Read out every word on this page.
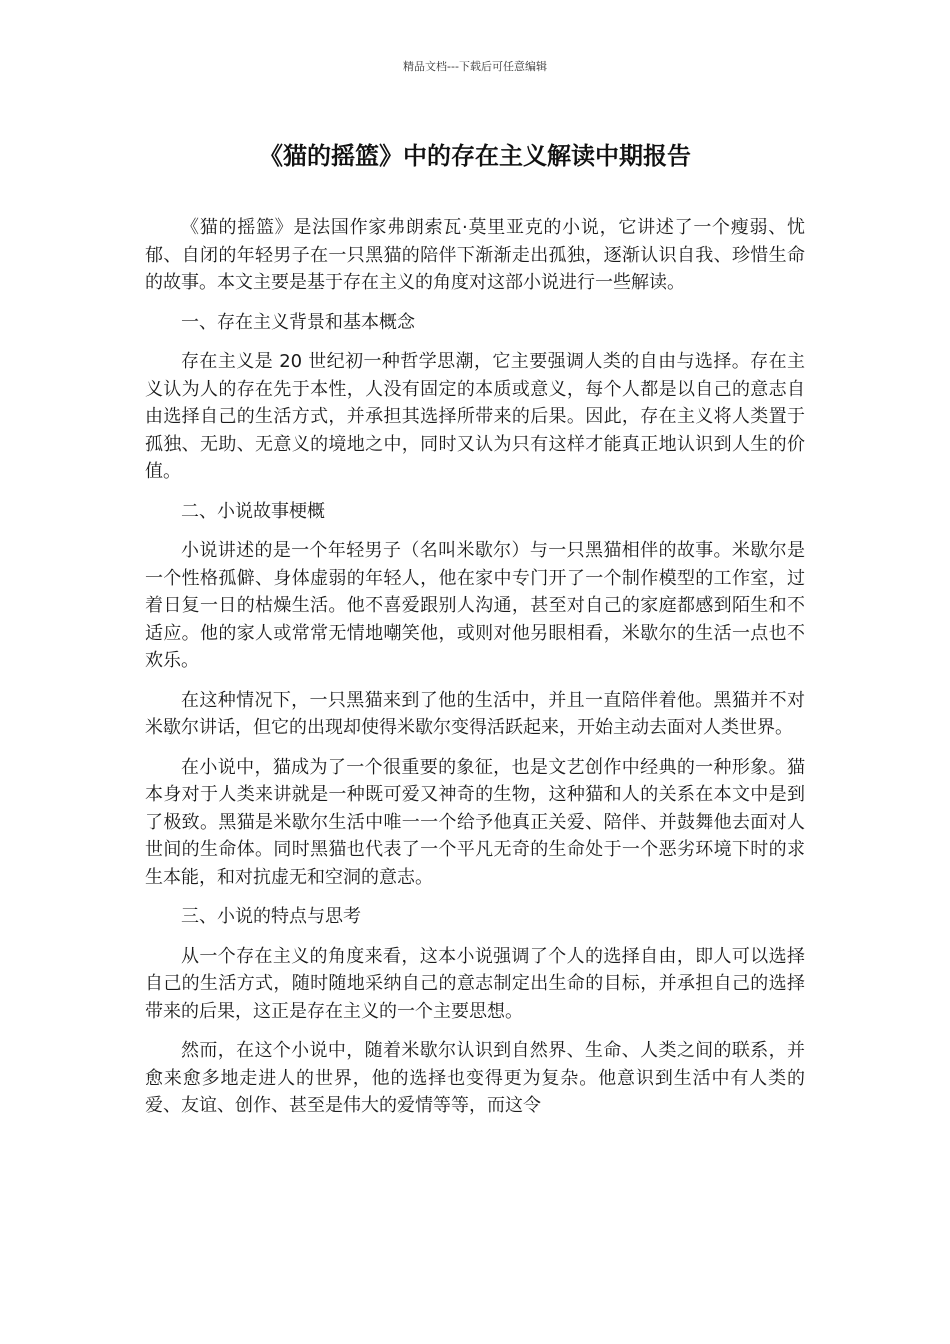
精品文档---下载后可任意编辑
《猫的摇篮》中的存在主义解读中期报告

《猫的摇篮》是法国作家弗朗索瓦·莫里亚克的小说，它讲述了一个瘦弱、忧郁、自闭的年轻男子在一只黑猫的陪伴下渐渐走出孤独，逐渐认识自我、珍惜生命的故事。本文主要是基于存在主义的角度对这部小说进行一些解读。

一、存在主义背景和基本概念

存在主义是 20 世纪初一种哲学思潮，它主要强调人类的自由与选择。存在主义认为人的存在先于本性，人没有固定的本质或意义，每个人都是以自己的意志自由选择自己的生活方式，并承担其选择所带来的后果。因此，存在主义将人类置于孤独、无助、无意义的境地之中，同时又认为只有这样才能真正地认识到人生的价值。

二、小说故事梗概

小说讲述的是一个年轻男子（名叫米歇尔）与一只黑猫相伴的故事。米歇尔是一个性格孤僻、身体虚弱的年轻人，他在家中专门开了一个制作模型的工作室，过着日复一日的枯燥生活。他不喜爱跟别人沟通，甚至对自己的家庭都感到陌生和不适应。他的家人或常常无情地嘲笑他，或则对他另眼相看，米歇尔的生活一点也不欢乐。

在这种情况下，一只黑猫来到了他的生活中，并且一直陪伴着他。黑猫并不对米歇尔讲话，但它的出现却使得米歇尔变得活跃起来，开始主动去面对人类世界。

在小说中，猫成为了一个很重要的象征，也是文艺创作中经典的一种形象。猫本身对于人类来讲就是一种既可爱又神奇的生物，这种猫和人的关系在本文中是到了极致。黑猫是米歇尔生活中唯一一个给予他真正关爱、陪伴、并鼓舞他去面对人世间的生命体。同时黑猫也代表了一个平凡无奇的生命处于一个恶劣环境下时的求生本能，和对抗虚无和空洞的意志。

三、小说的特点与思考

从一个存在主义的角度来看，这本小说强调了个人的选择自由，即人可以选择自己的生活方式，随时随地采纳自己的意志制定出生命的目标，并承担自己的选择带来的后果，这正是存在主义的一个主要思想。

然而，在这个小说中，随着米歇尔认识到自然界、生命、人类之间的联系，并愈来愈多地走进人的世界，他的选择也变得更为复杂。他意识到生活中有人类的爱、友谊、创作、甚至是伟大的爱情等等，而这令
